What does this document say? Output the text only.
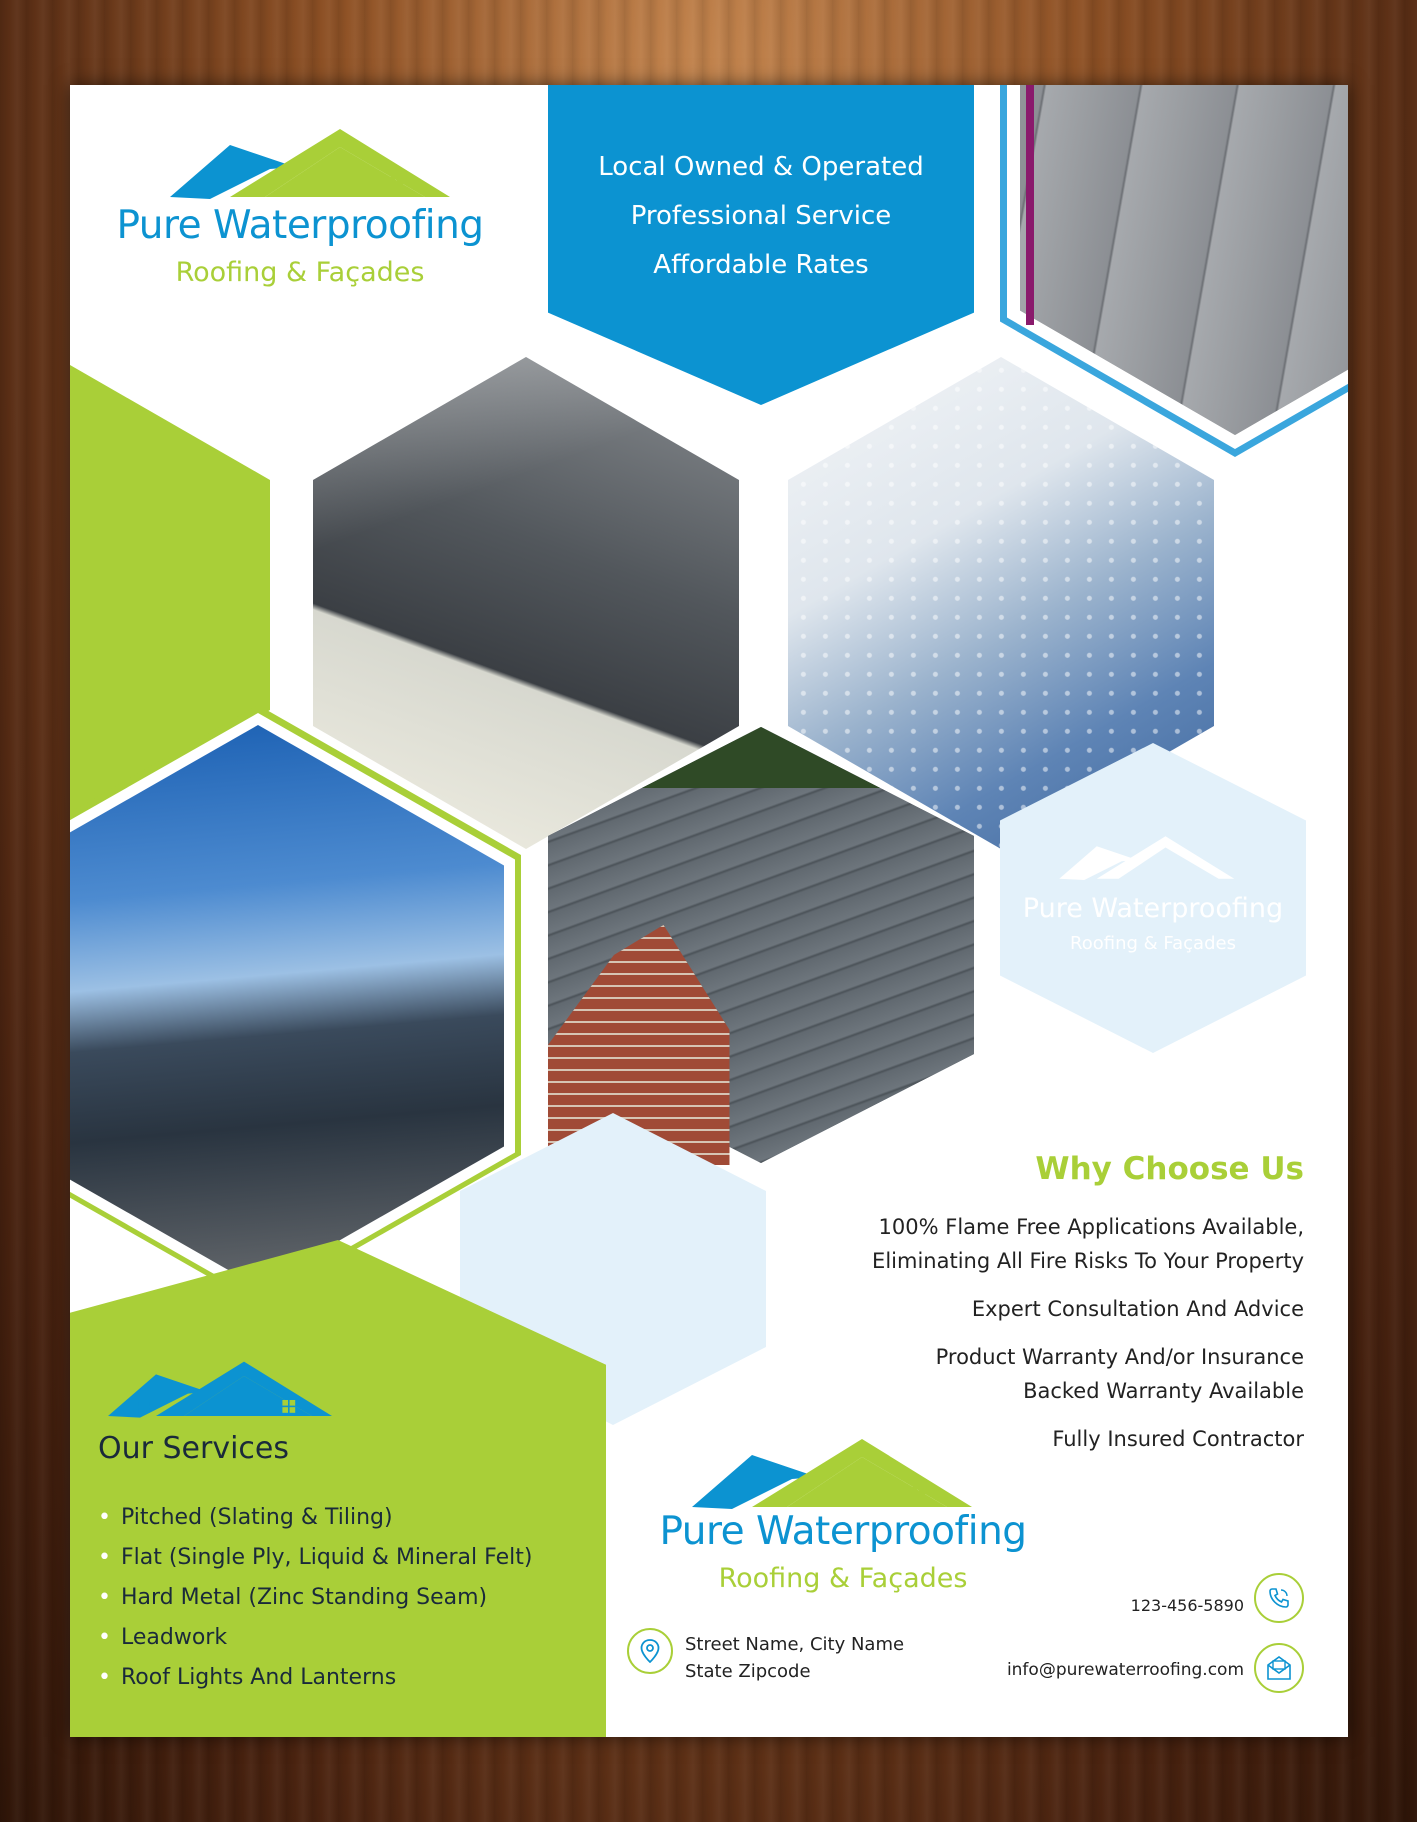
Pure Waterproofing
Roofing & Façades
Local Owned & Operated
Professional Service
Affordable Rates
Pure Waterproofing
Roofing & Façades
Why Choose Us
100% Flame Free Applications Available,
Eliminating All Fire Risks To Your Property
Expert Consultation And Advice
Product Warranty And/or Insurance
Backed Warranty Available
Fully Insured Contractor
Our Services
• Pitched (Slating & Tiling)
• Flat (Single Ply, Liquid & Mineral Felt)
• Hard Metal (Zinc Standing Seam)
• Leadwork
• Roof Lights And Lanterns
Pure Waterproofing
Roofing & Façades
Street Name, City Name
State Zipcode
123-456-5890
info@purewaterroofing.com
